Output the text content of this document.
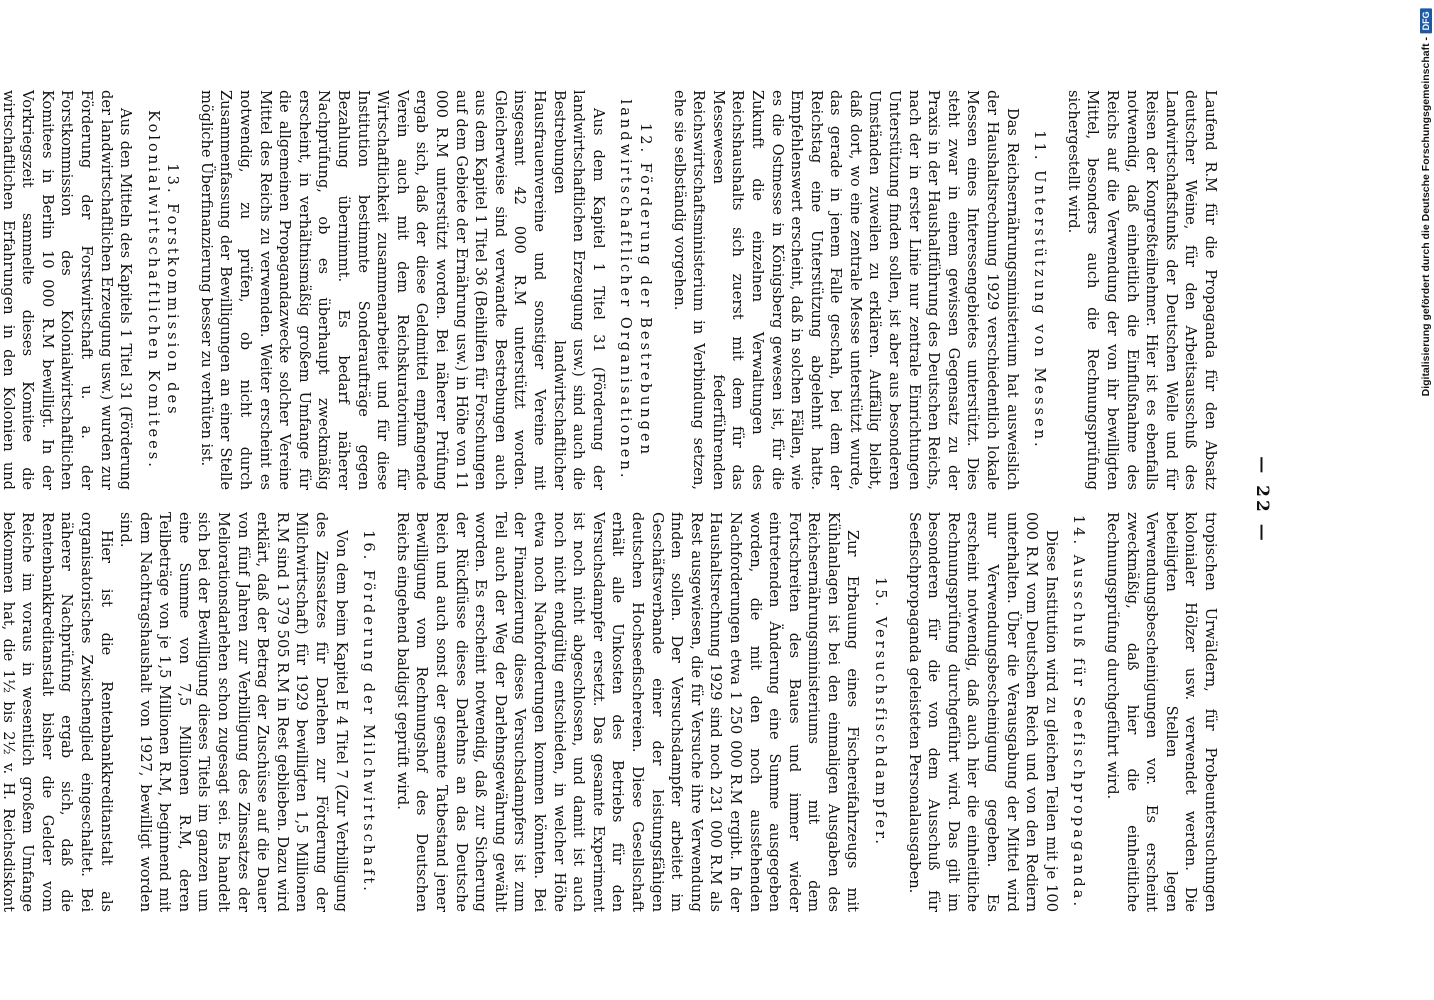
— 22 —

Laufend R.M für die Propaganda für den Absatz deutscher Weine, für den Arbeitsausschuß des Landwirtschaftsfunks der Deutschen Welle und für Reisen der Kongreßteilnehmer. Hier ist es ebenfalls notwendig, daß einheitlich die Einflußnahme des Reichs auf die Verwendung der von ihr bewilligten Mittel, besonders auch die Rechnungsprüfung sichergestellt wird.

11. Unterstützung von Messen.

Das Reichsernährungsministerium hat ausweislich der Haushaltsrechnung 1929 verschiedentlich lokale Messen eines Interessengebietes unterstützt. Dies steht zwar in einem gewissen Gegensatz zu der Praxis in der Haushaltführung des Deutschen Reichs, nach der in erster Linie nur zentrale Einrichtungen Unterstützung finden sollen, ist aber aus besonderen Umständen zuweilen zu erklären. Auffällig bleibt, daß dort, wo eine zentrale Messe unterstützt wurde, das gerade in jenem Falle geschah, bei dem der Reichstag eine Unterstützung abgelehnt hatte. Empfehlenswert erscheint, daß in solchen Fällen, wie es die Ostmesse in Königsberg gewesen ist, für die Zukunft die einzelnen Verwaltungen des Reichshaushalts sich zuerst mit dem für das Messewesen federführenden Reichswirtschaftsministerium in Verbindung setzen, ehe sie selbständig vorgehen.

12. Förderung der Bestrebungen landwirtschaftlicher Organisationen.

Aus dem Kapitel 1 Titel 31 (Förderung der landwirtschaftlichen Erzeugung usw.) sind auch die Bestrebungen landwirtschaftlicher Hausfrauenvereine und sonstiger Vereine mit insgesamt 42 000 R.M unterstützt worden. Gleicherweise sind verwandte Bestrebungen auch aus dem Kapitel 1 Titel 36 (Beihilfen für Forschungen auf dem Gebiete der Ernährung usw.) in Höhe von 11 000 R.M unterstützt worden. Bei näherer Prüfung ergab sich, daß der diese Geldmittel empfangende Verein auch mit dem Reichskuratorium für Wirtschaftlichkeit zusammenarbeitet und für diese Institution bestimmte Sonderaufträge gegen Bezahlung übernimmt. Es bedarf näherer Nachprüfung, ob es überhaupt zweckmäßig erscheint, in verhältnismäßig großem Umfange für die allgemeinen Propagandazwecke solcher Vereine Mittel des Reichs zu verwenden. Weiter erscheint es notwendig, zu prüfen, ob nicht durch Zusammenfassung der Bewilligungen an einer Stelle mögliche Überfinanzierung besser zu verhüten ist.

13. Forstkommission des Kolonialwirtschaftlichen Komitees.

Aus den Mitteln des Kapitels 1 Titel 31 (Förderung der landwirtschaftlichen Erzeugung usw.) wurden zur Förderung der Forstwirtschaft u. a. der Forstkommission des Kolonialwirtschaftlichen Komitees in Berlin 10 000 R.M bewilligt. In der Vorkriegszeit sammelte dieses Komitee die wirtschaftlichen Erfahrungen in den Kolonien und

tropischen Urwäldern, für Probeuntersuchungen kolonialer Hölzer usw. verwendet werden. Die beteiligten Stellen legen Verwendungsbescheinigungen vor. Es erscheint zweckmäßig, daß hier die einheitliche Rechnungsprüfung durchgeführt wird.

14. Ausschuß für Seefischpropaganda.

Diese Institution wird zu gleichen Teilen mit je 100 000 R.M vom Deutschen Reich und von den Rediern unterhalten. Über die Verausgabung der Mittel wird nur Verwendungsbescheinigung gegeben. Es erscheint notwendig, daß auch hier die einheitliche Rechnungsprüfung durchgeführt wird. Das gilt im besonderen für die von dem Ausschuß für Seefischpropaganda geleisteten Personalausgaben.

15. Versuchsfischdampfer.

Zur Erbauung eines Fischereifahrzeugs mit Kühlanlagen ist bei den einmaligen Ausgaben des Reichsernährungsministeriums mit dem Fortschreiten des Baues und immer wieder eintretenden Änderung eine Summe ausgegeben worden, die mit den noch ausstehenden Nachforderungen etwa 1 250 000 R.M ergibt. In der Haushaltsrechnung 1929 sind noch 231 000 R.M als Rest ausgewiesen, die für Versuche ihre Verwendung finden sollen. Der Versuchsdampfer arbeitet im Geschäftsverbande einer der leistungsfähigen deutschen Hochseefischereien. Diese Gesellschaft erhält alle Unkosten des Betriebs für den Versuchsdampfer ersetzt. Das gesamte Experiment ist noch nicht abgeschlossen, und damit ist auch noch nicht endgültig entschieden, in welcher Höhe etwa noch Nachforderungen kommen könnten. Bei der Finanzierung dieses Versuchsdampfers ist zum Teil auch der Weg der Darlehnsgewährung gewählt worden. Es erscheint notwendig, daß zur Sicherung der Rückflüsse dieses Darlehns an das Deutsche Reich und auch sonst der gesamte Tatbestand jener Bewilligung vom Rechnungshof des Deutschen Reichs eingehend baldigst geprüft wird.

16. Förderung der Milchwirtschaft.

Von dem beim Kapitel E 4 Titel 7 (Zur Verbilligung des Zinssatzes für Darlehen zur Förderung der Milchwirtschaft) für 1929 bewilligten 1,5 Millionen R.M sind 1 379 505 R.M in Rest geblieben. Dazu wird erklärt, daß der Betrag der Zuschüsse auf die Dauer von fünf Jahren zur Verbilligung des Zinssatzes der Meliorationsdarlehen schon zugesagt sei. Es handelt sich bei der Bewilligung dieses Titels im ganzen um eine Summe von 7,5 Millionen R.M, deren Teilbeträge von je 1,5 Millionen R.M, beginnend mit dem Nachtragshaushalt von 1927, bewilligt worden sind.

Hier ist die Rentenbankkreditanstalt als organisatorisches Zwischenglied eingeschaltet. Bei näherer Nachprüfung ergab sich, daß die Rentenbankkreditanstalt bisher die Gelder vom Reiche im voraus in wesentlich großem Umfange bekommen hat, die 1½ bis 2½ v. H. Reichsdiskont

Digitalisierung gefördert durch die Deutsche Forschungsgemeinschaft -
DFG
